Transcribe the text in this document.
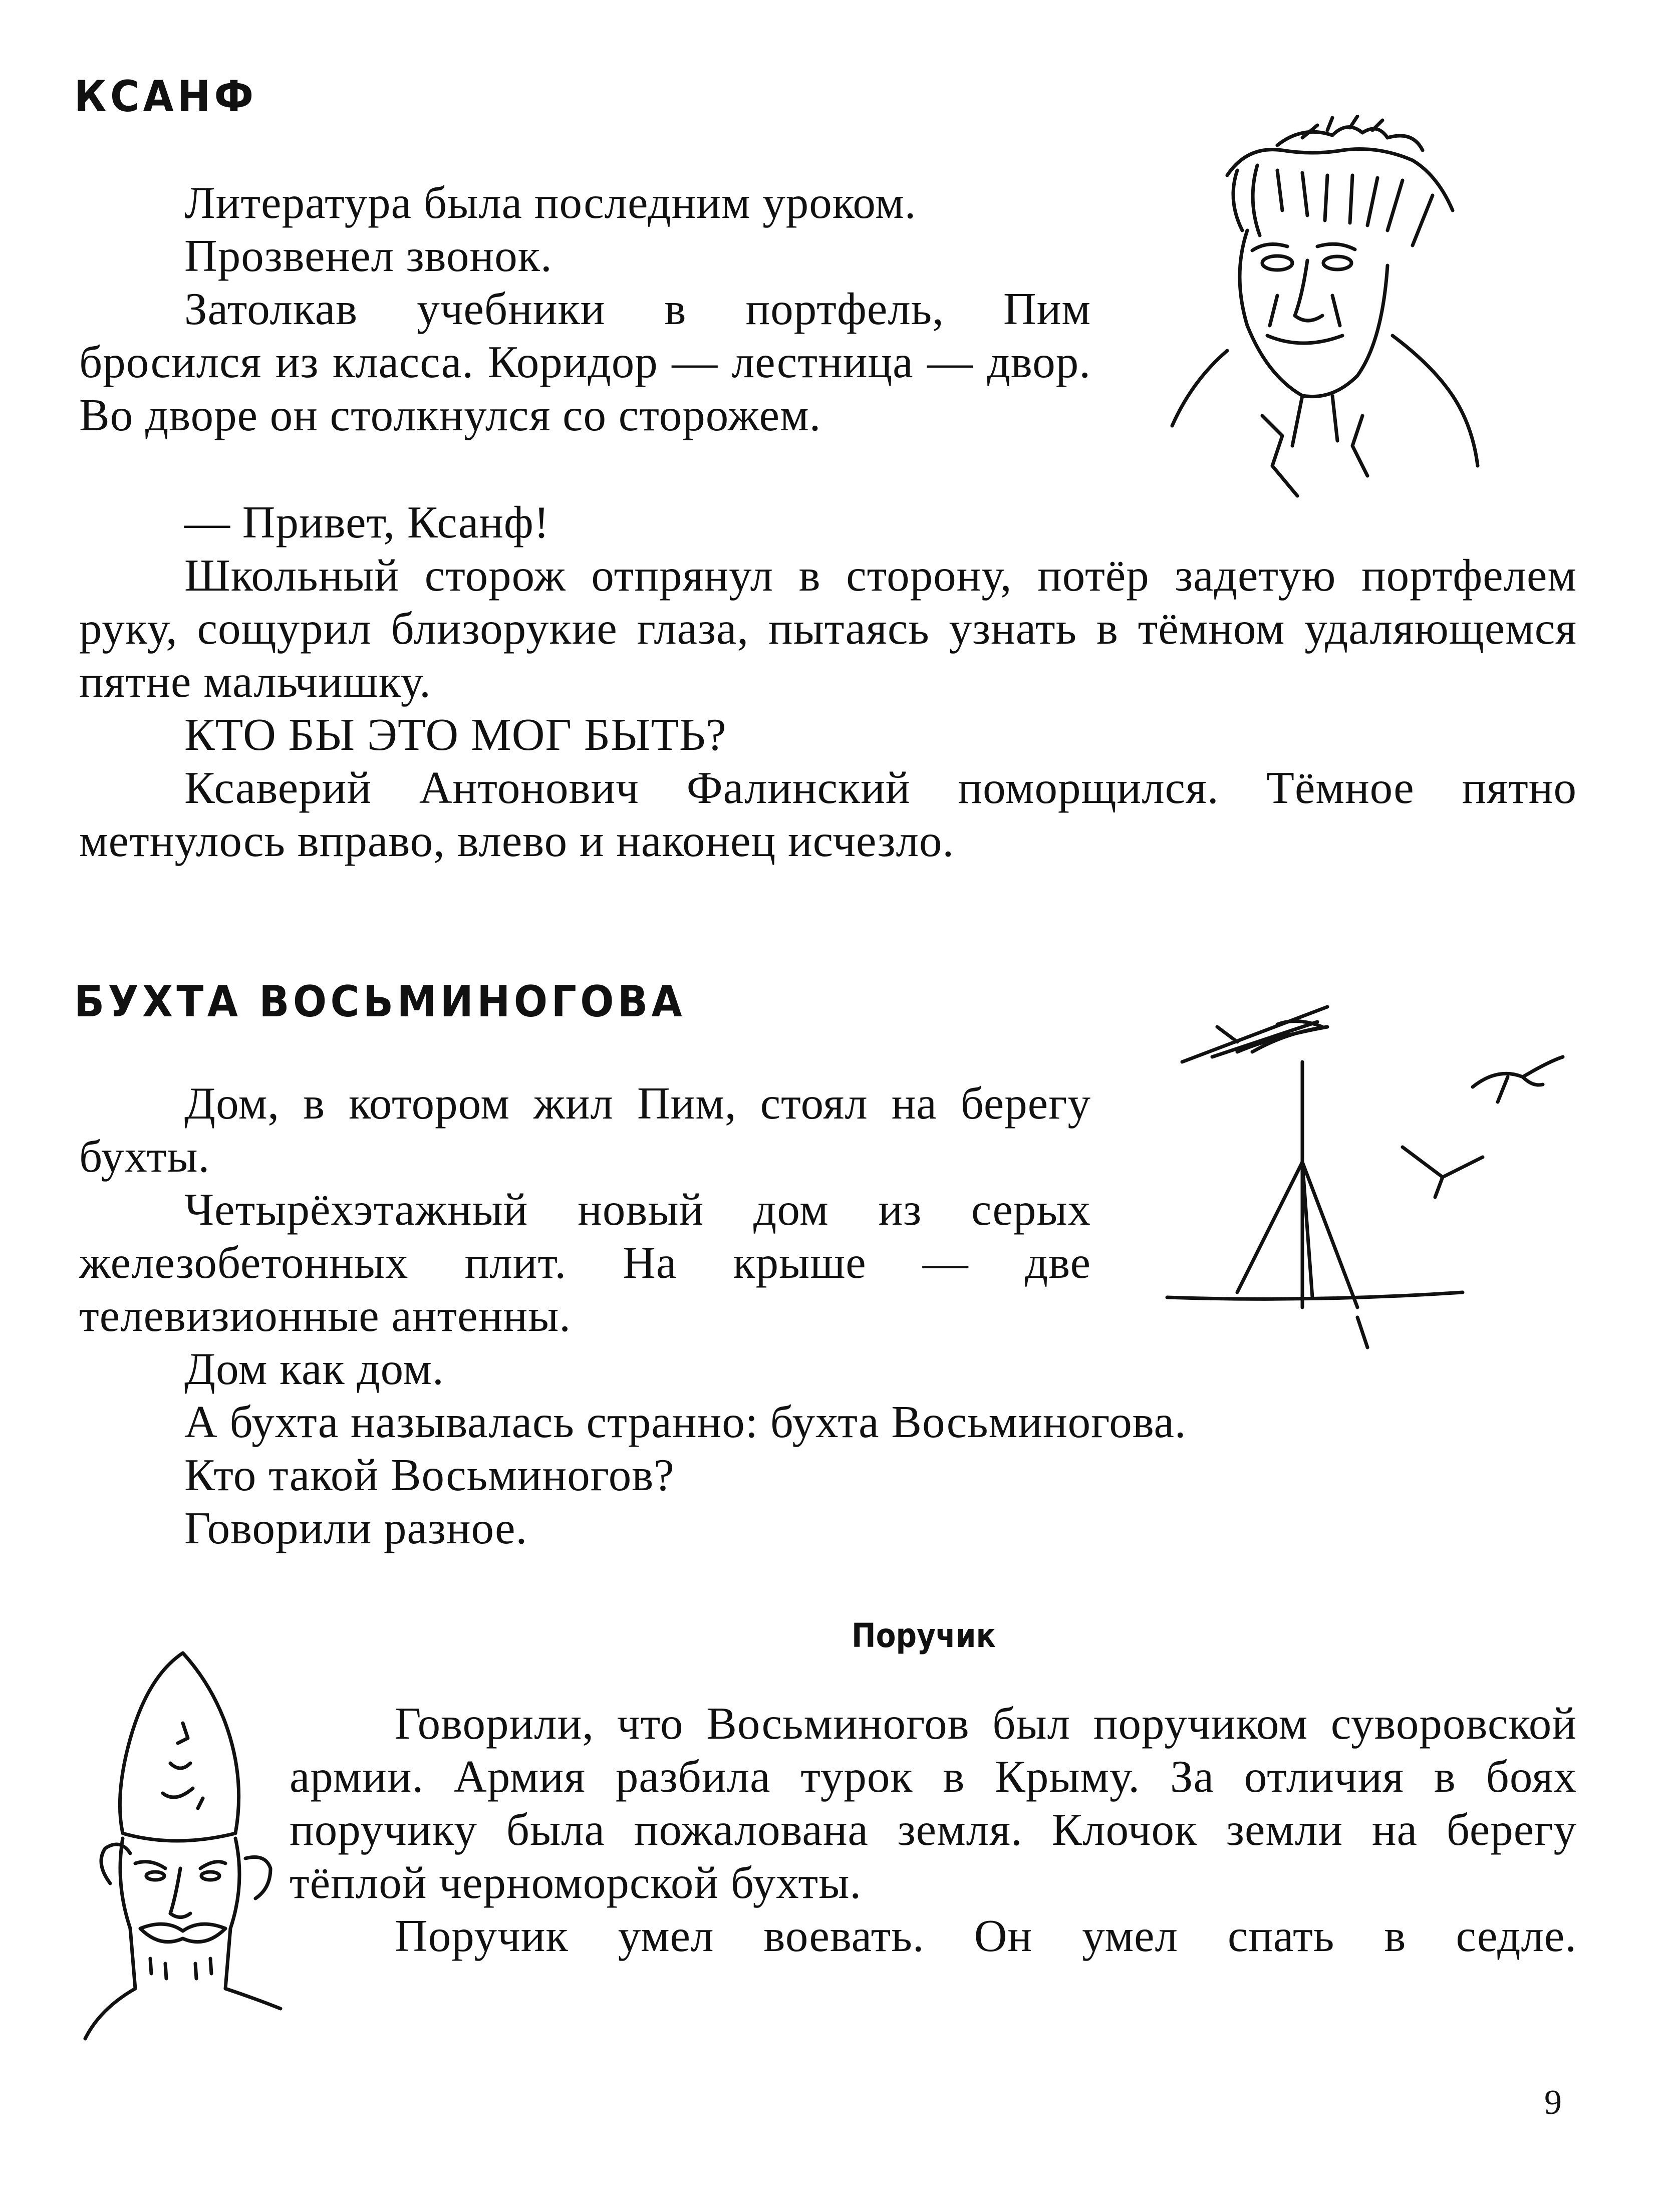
КСАНФ

Литература была последним уроком.

Прозвенел звонок.

Затолкав учебники в портфель, Пим бросился из класса. Коридор — лестница — двор. Во дворе он столкнулся со сторожем.

— Привет, Ксанф!

Школьный сторож отпрянул в сторону, потёр задетую портфелем руку, сощурил близорукие глаза, пытаясь узнать в тёмном удаляющемся пятне мальчишку.

КТО БЫ ЭТО МОГ БЫТЬ?

Ксаверий Антонович Фалинский поморщился. Тёмное пятно метнулось вправо, влево и наконец исчезло.

БУХТА ВОСЬМИНОГОВА

Дом, в котором жил Пим, стоял на берегу бухты.

Четырёхэтажный новый дом из серых железобетонных плит. На крыше — две телевизионные антенны.

Дом как дом.

А бухта называлась странно: бухта Восьминогова.

Кто такой Восьминогов?

Говорили разное.

Поручик

Говорили, что Восьминогов был поручиком суворовской армии. Армия разбила турок в Крыму. За отличия в боях поручику была пожалована земля. Клочок земли на берегу тёплой черноморской бухты.

Поручик умел воевать. Он умел спать в седле.

9
